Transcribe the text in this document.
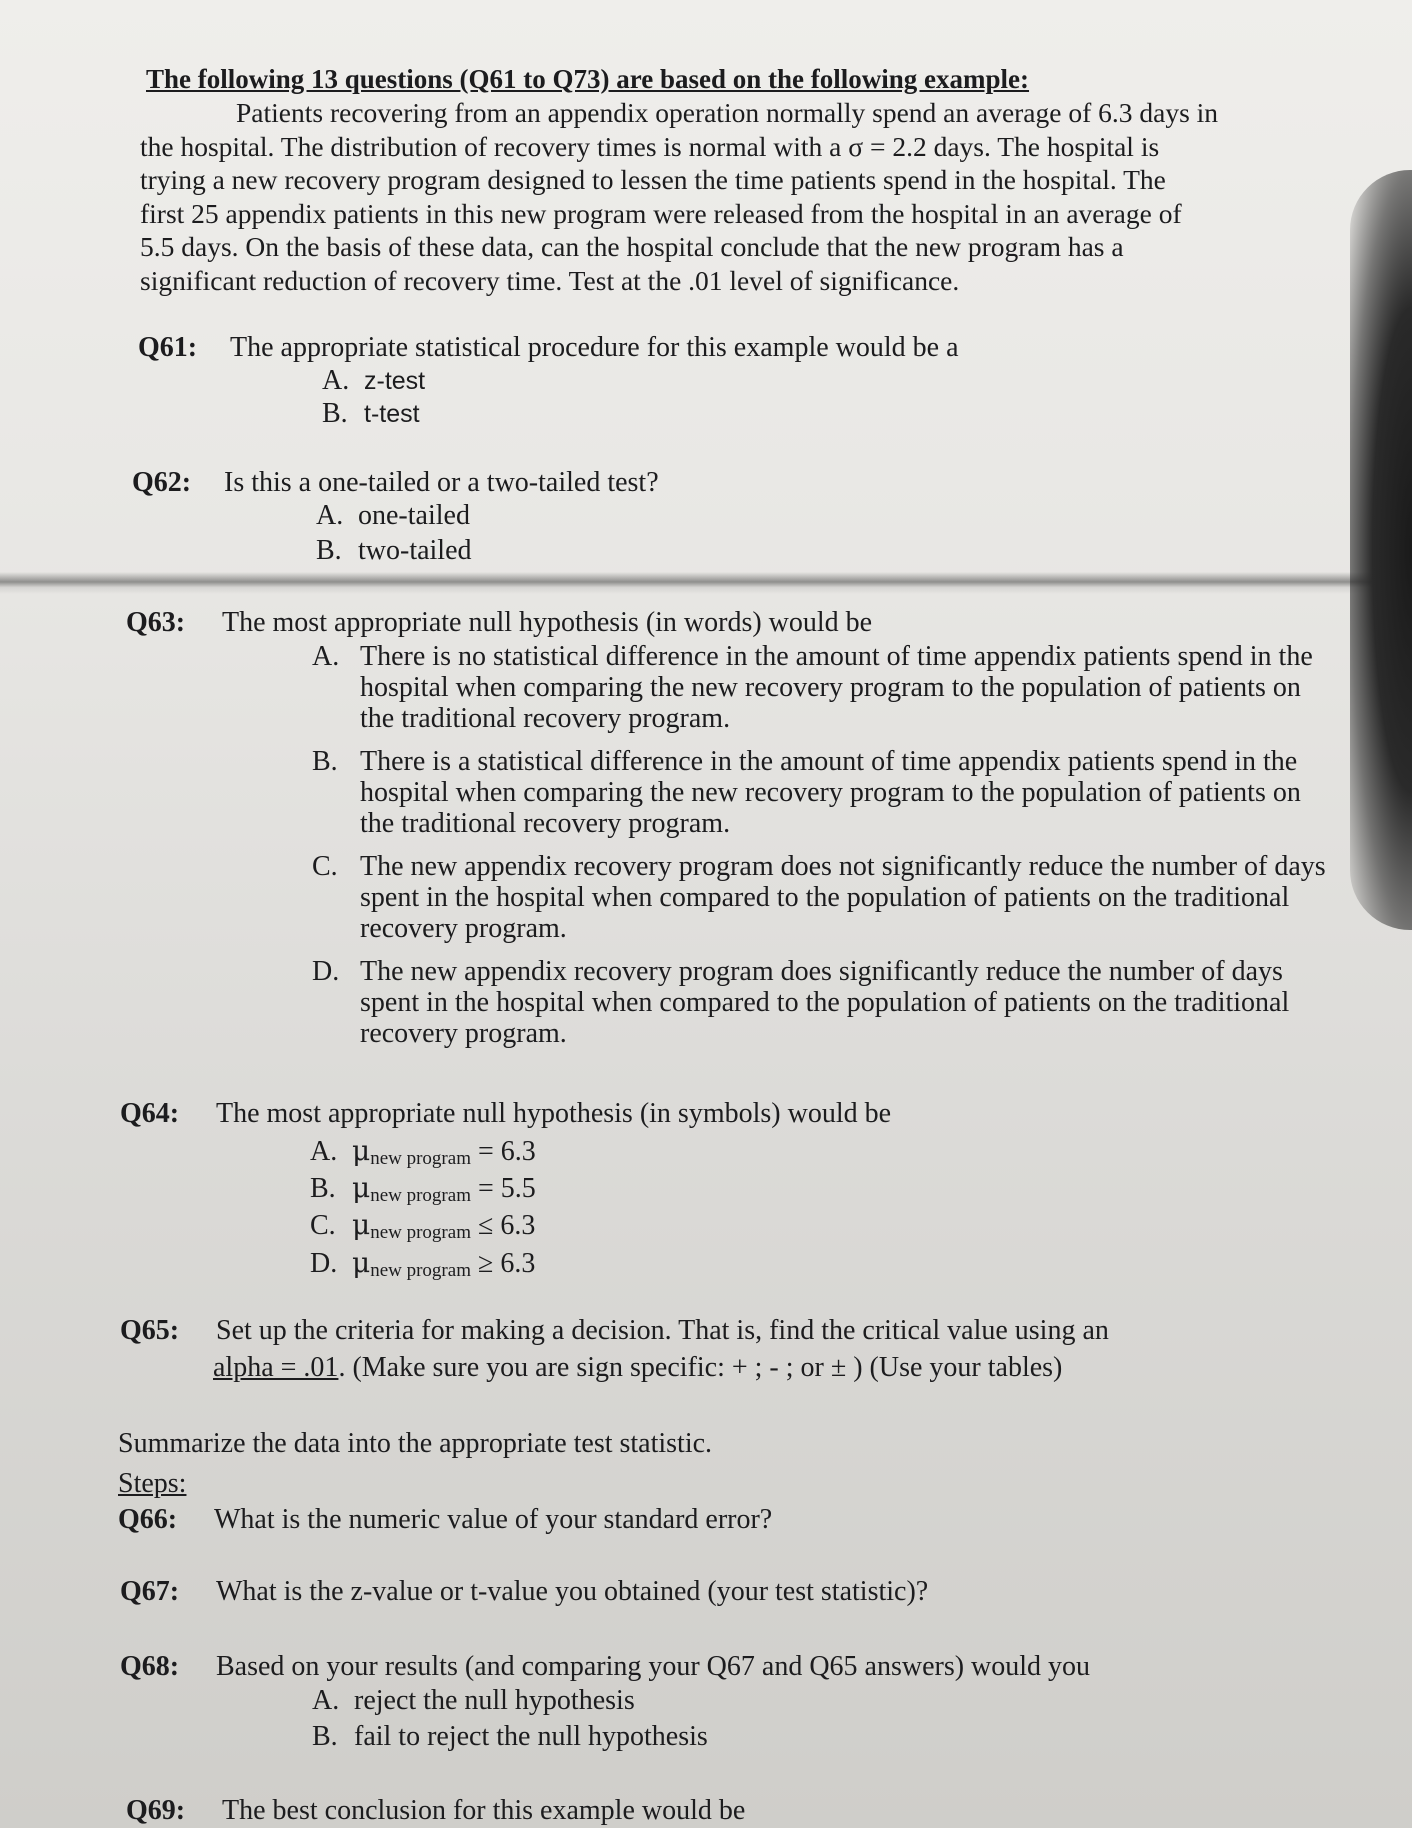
The following 13 questions (Q61 to Q73) are based on the following example:
Patients recovering from an appendix operation normally spend an average of 6.3 days in
the hospital. The distribution of recovery times is normal with a σ = 2.2 days. The hospital is
trying a new recovery program designed to lessen the time patients spend in the hospital. The
first 25 appendix patients in this new program were released from the hospital in an average of
5.5 days. On the basis of these data, can the hospital conclude that the new program has a
significant reduction of recovery time. Test at the .01 level of significance.
Q61: The appropriate statistical procedure for this example would be a
A. z-test
B. t-test
Q62: Is this a one-tailed or a two-tailed test?
A. one-tailed
B. two-tailed
Q63: The most appropriate null hypothesis (in words) would be
A. There is no statistical difference in the amount of time appendix patients spend in the hospital when comparing the new recovery program to the population of patients on the traditional recovery program.
B. There is a statistical difference in the amount of time appendix patients spend in the hospital when comparing the new recovery program to the population of patients on the traditional recovery program.
C. The new appendix recovery program does not significantly reduce the number of days spent in the hospital when compared to the population of patients on the traditional recovery program.
D. The new appendix recovery program does significantly reduce the number of days spent in the hospital when compared to the population of patients on the traditional recovery program.
Q64: The most appropriate null hypothesis (in symbols) would be
A. μnew program = 6.3
B. μnew program = 5.5
C. μnew program ≤ 6.3
D. μnew program ≥ 6.3
Q65: Set up the criteria for making a decision. That is, find the critical value using an
alpha = .01. (Make sure you are sign specific: + ; - ; or ± ) (Use your tables)
Summarize the data into the appropriate test statistic.
Steps:
Q66: What is the numeric value of your standard error?
Q67: What is the z-value or t-value you obtained (your test statistic)?
Q68: Based on your results (and comparing your Q67 and Q65 answers) would you
A. reject the null hypothesis
B. fail to reject the null hypothesis
Q69: The best conclusion for this example would be
